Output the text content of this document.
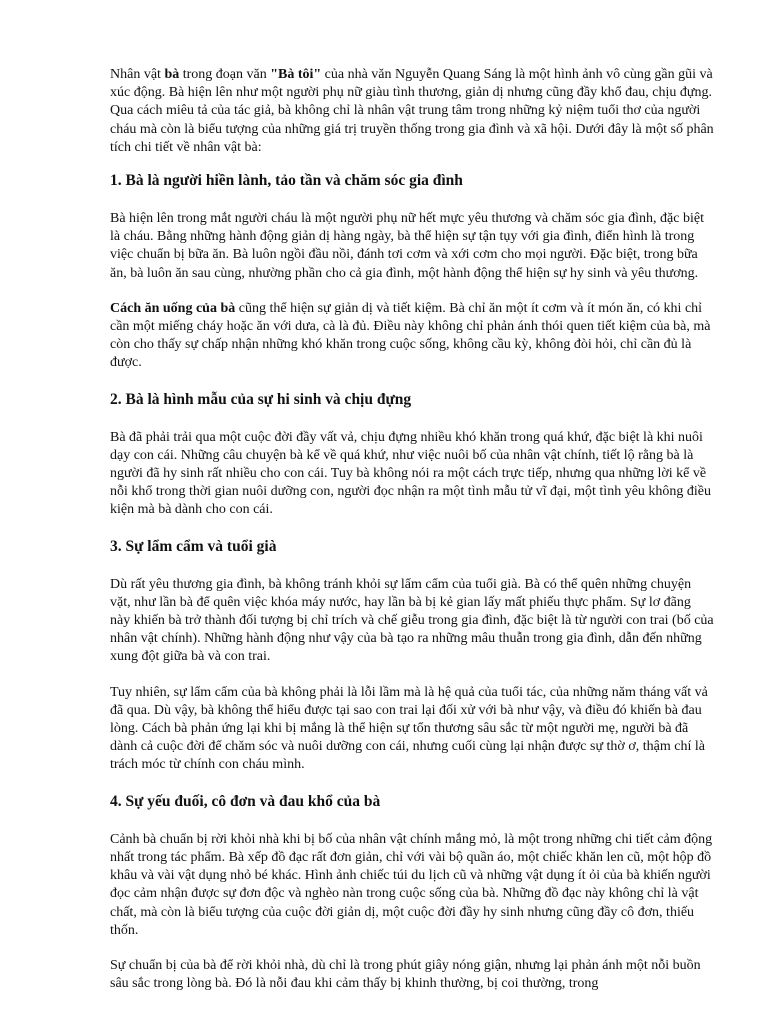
Nhân vật bà trong đoạn văn "Bà tôi" của nhà văn Nguyễn Quang Sáng là một hình ảnh vô cùng gần gũi và xúc động. Bà hiện lên như một người phụ nữ giàu tình thương, giản dị nhưng cũng đầy khổ đau, chịu đựng. Qua cách miêu tả của tác giả, bà không chỉ là nhân vật trung tâm trong những kỷ niệm tuổi thơ của người cháu mà còn là biểu tượng của những giá trị truyền thống trong gia đình và xã hội. Dưới đây là một số phân tích chi tiết về nhân vật bà:

1. Bà là người hiền lành, tảo tần và chăm sóc gia đình

Bà hiện lên trong mắt người cháu là một người phụ nữ hết mực yêu thương và chăm sóc gia đình, đặc biệt là cháu. Bằng những hành động giản dị hàng ngày, bà thể hiện sự tận tụy với gia đình, điển hình là trong việc chuẩn bị bữa ăn. Bà luôn ngồi đầu nồi, đánh tơi cơm và xới cơm cho mọi người. Đặc biệt, trong bữa ăn, bà luôn ăn sau cùng, nhường phần cho cả gia đình, một hành động thể hiện sự hy sinh và yêu thương.

Cách ăn uống của bà cũng thể hiện sự giản dị và tiết kiệm. Bà chỉ ăn một ít cơm và ít món ăn, có khi chỉ cần một miếng cháy hoặc ăn với dưa, cà là đủ. Điều này không chỉ phản ánh thói quen tiết kiệm của bà, mà còn cho thấy sự chấp nhận những khó khăn trong cuộc sống, không cầu kỳ, không đòi hỏi, chỉ cần đủ là được.

2. Bà là hình mẫu của sự hi sinh và chịu đựng

Bà đã phải trải qua một cuộc đời đầy vất vả, chịu đựng nhiều khó khăn trong quá khứ, đặc biệt là khi nuôi dạy con cái. Những câu chuyện bà kể về quá khứ, như việc nuôi bố của nhân vật chính, tiết lộ rằng bà là người đã hy sinh rất nhiều cho con cái. Tuy bà không nói ra một cách trực tiếp, nhưng qua những lời kể về nỗi khổ trong thời gian nuôi dưỡng con, người đọc nhận ra một tình mẫu tử vĩ đại, một tình yêu không điều kiện mà bà dành cho con cái.

3. Sự lẩm cẩm và tuổi già

Dù rất yêu thương gia đình, bà không tránh khỏi sự lẩm cẩm của tuổi già. Bà có thể quên những chuyện vặt, như lần bà để quên việc khóa máy nước, hay lần bà bị kẻ gian lấy mất phiếu thực phẩm. Sự lơ đãng này khiến bà trở thành đối tượng bị chỉ trích và chế giễu trong gia đình, đặc biệt là từ người con trai (bố của nhân vật chính). Những hành động như vậy của bà tạo ra những mâu thuẫn trong gia đình, dẫn đến những xung đột giữa bà và con trai.

Tuy nhiên, sự lẩm cẩm của bà không phải là lỗi lầm mà là hệ quả của tuổi tác, của những năm tháng vất vả đã qua. Dù vậy, bà không thể hiểu được tại sao con trai lại đối xử với bà như vậy, và điều đó khiến bà đau lòng. Cách bà phản ứng lại khi bị mắng là thể hiện sự tổn thương sâu sắc từ một người mẹ, người bà đã dành cả cuộc đời để chăm sóc và nuôi dưỡng con cái, nhưng cuối cùng lại nhận được sự thờ ơ, thậm chí là trách móc từ chính con cháu mình.

4. Sự yếu đuối, cô đơn và đau khổ của bà

Cảnh bà chuẩn bị rời khỏi nhà khi bị bố của nhân vật chính mắng mỏ, là một trong những chi tiết cảm động nhất trong tác phẩm. Bà xếp đồ đạc rất đơn giản, chỉ với vài bộ quần áo, một chiếc khăn len cũ, một hộp đồ khâu và vài vật dụng nhỏ bé khác. Hình ảnh chiếc túi du lịch cũ và những vật dụng ít ỏi của bà khiến người đọc cảm nhận được sự đơn độc và nghèo nàn trong cuộc sống của bà. Những đồ đạc này không chỉ là vật chất, mà còn là biểu tượng của cuộc đời giản dị, một cuộc đời đầy hy sinh nhưng cũng đầy cô đơn, thiếu thốn.

Sự chuẩn bị của bà để rời khỏi nhà, dù chỉ là trong phút giây nóng giận, nhưng lại phản ánh một nỗi buồn sâu sắc trong lòng bà. Đó là nỗi đau khi cảm thấy bị khinh thường, bị coi thường, trong
